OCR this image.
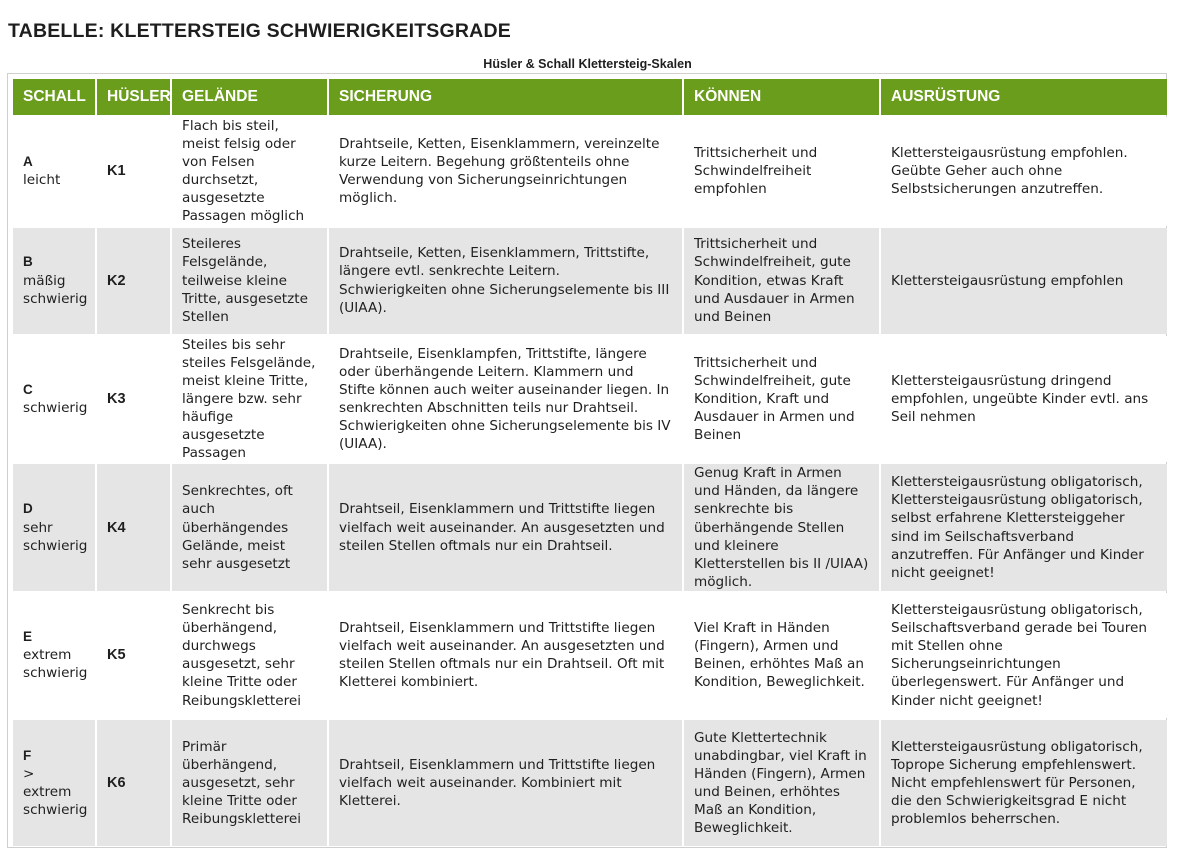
TABELLE: KLETTERSTEIG SCHWIERIGKEITSGRADE
Hüsler & Schall Klettersteig-Skalen
SCHALL	HÜSLER	GELÄNDE	SICHERUNG	KÖNNEN	AUSRÜSTUNG

A
leicht	K1	Flach bis steil, meist felsig oder von Felsen durchsetzt, ausgesetzte Passagen möglich	Drahtseile, Ketten, Eisenklammern, vereinzelte kurze Leitern. Begehung größtenteils ohne Verwendung von Sicherungseinrichtungen möglich.	Trittsicherheit und Schwindelfreiheit empfohlen	Klettersteigausrüstung empfohlen. Geübte Geher auch ohne Selbstsicherungen anzutreffen.

B
mäßig schwierig	K2	Steileres Felsgelände, teilweise kleine Tritte, ausgesetzte Stellen	Drahtseile, Ketten, Eisenklammern, Trittstifte, längere evtl. senkrechte Leitern. Schwierigkeiten ohne Sicherungselemente bis III (UIAA).	Trittsicherheit und Schwindelfreiheit, gute Kondition, etwas Kraft und Ausdauer in Armen und Beinen	Klettersteigausrüstung empfohlen

C
schwierig	K3	Steiles bis sehr steiles Felsgelände, meist kleine Tritte, längere bzw. sehr häufige ausgesetzte Passagen	Drahtseile, Eisenklampfen, Trittstifte, längere oder überhängende Leitern. Klammern und Stifte können auch weiter auseinander liegen. In senkrechten Abschnitten teils nur Drahtseil. Schwierigkeiten ohne Sicherungselemente bis IV (UIAA).	Trittsicherheit und Schwindelfreiheit, gute Kondition, Kraft und Ausdauer in Armen und Beinen	Klettersteigausrüstung dringend empfohlen, ungeübte Kinder evtl. ans Seil nehmen

D
sehr schwierig	K4	Senkrechtes, oft auch überhängendes Gelände, meist sehr ausgesetzt	Drahtseil, Eisenklammern und Trittstifte liegen vielfach weit auseinander. An ausgesetzten und steilen Stellen oftmals nur ein Drahtseil.	Genug Kraft in Armen und Händen, da längere senkrechte bis überhängende Stellen und kleinere Kletterstellen bis II /UIAA) möglich.	Klettersteigausrüstung obligatorisch, Klettersteigausrüstung obligatorisch, selbst erfahrene Klettersteiggeher sind im Seilschaftsverband anzutreffen. Für Anfänger und Kinder nicht geeignet!

E
extrem schwierig	K5	Senkrecht bis überhängend, durchwegs ausgesetzt, sehr kleine Tritte oder Reibungskletterei	Drahtseil, Eisenklammern und Trittstifte liegen vielfach weit auseinander. An ausgesetzten und steilen Stellen oftmals nur ein Drahtseil. Oft mit Kletterei kombiniert.	Viel Kraft in Händen (Fingern), Armen und Beinen, erhöhtes Maß an Kondition, Beweglichkeit.	Klettersteigausrüstung obligatorisch, Seilschaftsverband gerade bei Touren mit Stellen ohne Sicherungseinrichtungen überlegenswert. Für Anfänger und Kinder nicht geeignet!

F
> extrem schwierig	K6	Primär überhängend, ausgesetzt, sehr kleine Tritte oder Reibungskletterei	Drahtseil, Eisenklammern und Trittstifte liegen vielfach weit auseinander. Kombiniert mit Kletterei.	Gute Klettertechnik unabdingbar, viel Kraft in Händen (Fingern), Armen und Beinen, erhöhtes Maß an Kondition, Beweglichkeit.	Klettersteigausrüstung obligatorisch, Toprope Sicherung empfehlenswert. Nicht empfehlenswert für Personen, die den Schwierigkeitsgrad E nicht problemlos beherrschen.
